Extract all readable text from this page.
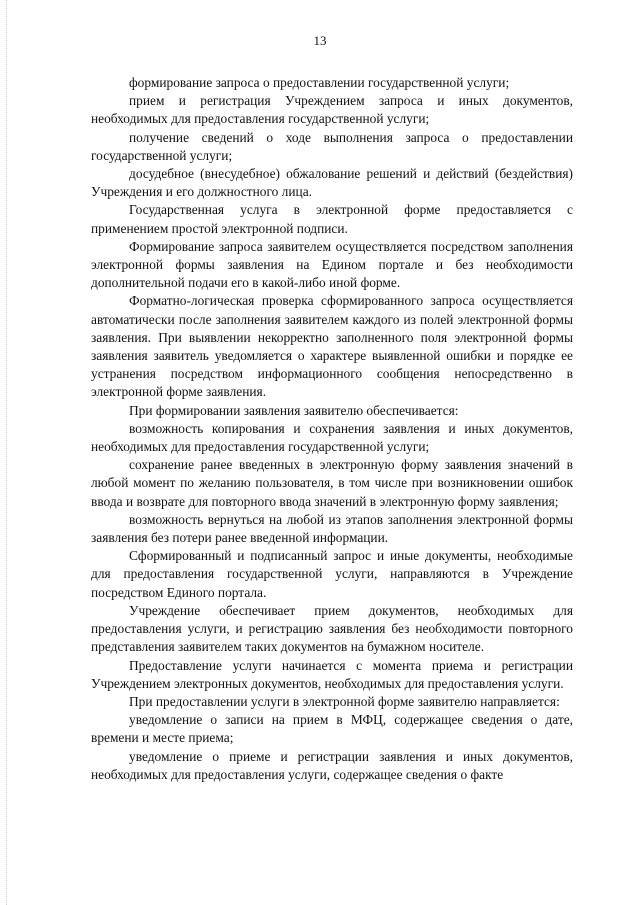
13

формирование запроса о предоставлении государственной услуги;

прием и регистрация Учреждением запроса и иных документов, необходимых для предоставления государственной услуги;

получение сведений о ходе выполнения запроса о предоставлении государственной услуги;

досудебное (внесудебное) обжалование решений и действий (бездействия) Учреждения и его должностного лица.

Государственная услуга в электронной форме предоставляется с применением простой электронной подписи.

Формирование запроса заявителем осуществляется посредством заполнения электронной формы заявления на Едином портале и без необходимости дополнительной подачи его в какой-либо иной форме.

Форматно-логическая проверка сформированного запроса осуществляется автоматически после заполнения заявителем каждого из полей электронной формы заявления. При выявлении некорректно заполненного поля электронной формы заявления заявитель уведомляется о характере выявленной ошибки и порядке ее устранения посредством информационного сообщения непосредственно в электронной форме заявления.

При формировании заявления заявителю обеспечивается:

возможность копирования и сохранения заявления и иных документов, необходимых для предоставления государственной услуги;

сохранение ранее введенных в электронную форму заявления значений в любой момент по желанию пользователя, в том числе при возникновении ошибок ввода и возврате для повторного ввода значений в электронную форму заявления;

возможность вернуться на любой из этапов заполнения электронной формы заявления без потери ранее введенной информации.

Сформированный и подписанный запрос и иные документы, необходимые для предоставления государственной услуги, направляются в Учреждение посредством Единого портала.

Учреждение обеспечивает прием документов, необходимых для предоставления услуги, и регистрацию заявления без необходимости повторного представления заявителем таких документов на бумажном носителе.

Предоставление услуги начинается с момента приема и регистрации Учреждением электронных документов, необходимых для предоставления услуги.

При предоставлении услуги в электронной форме заявителю направляется:

уведомление о записи на прием в МФЦ, содержащее сведения о дате, времени и месте приема;

уведомление о приеме и регистрации заявления и иных документов, необходимых для предоставления услуги, содержащее сведения о факте
